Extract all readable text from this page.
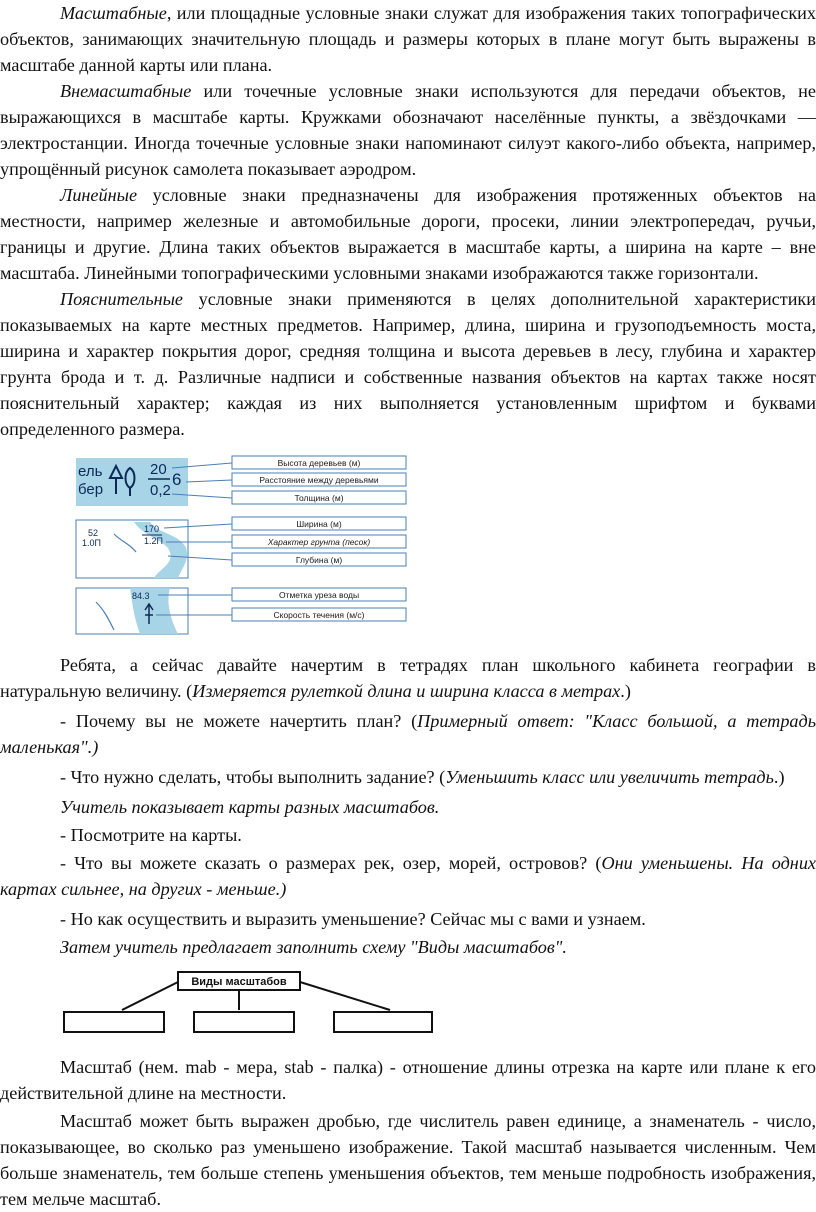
Масштабные, или площадные условные знаки служат для изображения таких топографических объектов, занимающих значительную площадь и размеры которых в плане могут быть выражены в масштабе данной карты или плана.

Внемасштабные или точечные условные знаки используются для передачи объектов, не выражающихся в масштабе карты. Кружками обозначают населённые пункты, а звёздочками — электростанции. Иногда точечные условные знаки напоминают силуэт какого-либо объекта, например, упрощённый рисунок самолета показывает аэродром.

Линейные условные знаки предназначены для изображения протяженных объектов на местности, например железные и автомобильные дороги, просеки, линии электропередач, ручьи, границы и другие. Длина таких объектов выражается в масштабе карты, а ширина на карте – вне масштаба. Линейными топографическими условными знаками изображаются также горизонтали.

Пояснительные условные знаки применяются в целях дополнительной характеристики показываемых на карте местных предметов. Например, длина, ширина и грузоподъемность моста, ширина и характер покрытия дорог, средняя толщина и высота деревьев в лесу, глубина и характер грунта брода и т. д. Различные надписи и собственные названия объектов на картах также носят пояснительный характер; каждая из них выполняется установленным шрифтом и буквами определенного размера.

ель
бер
20
0,2
6
Высота деревьев (м)
Расстояние между деревьями
Толщина (м)
52
1.0П
170
1.2П
Ширина (м)
Характер грунта (песок)
Глубина (м)
84.3	Отметка уреза воды
Скорость течения (м/с)

Ребята, а сейчас давайте начертим в тетрадях план школьного кабинета географии в натуральную величину. (Измеряется рулеткой длина и ширина класса в метрах.)

- Почему вы не можете начертить план? (Примерный ответ: "Класс большой, а тетрадь маленькая".)

- Что нужно сделать, чтобы выполнить задание? (Уменьшить класс или увеличить тетрадь.)

Учитель показывает карты разных масштабов.

- Посмотрите на карты.

- Что вы можете сказать о размерах рек, озер, морей, островов? (Они уменьшены. На одних картах сильнее, на других - меньше.)

- Но как осуществить и выразить уменьшение? Сейчас мы с вами и узнаем.

Затем учитель предлагает заполнить схему "Виды масштабов".

Виды масштабов

Масштаб (нем. mab - мера, stab - палка) - отношение длины отрезка на карте или плане к его действительной длине на местности.

Масштаб может быть выражен дробью, где числитель равен единице, а знаменатель - число, показывающее, во сколько раз уменьшено изображение. Такой масштаб называется численным. Чем больше знаменатель, тем больше степень уменьшения объектов, тем меньше подробность изображения, тем мельче масштаб.
